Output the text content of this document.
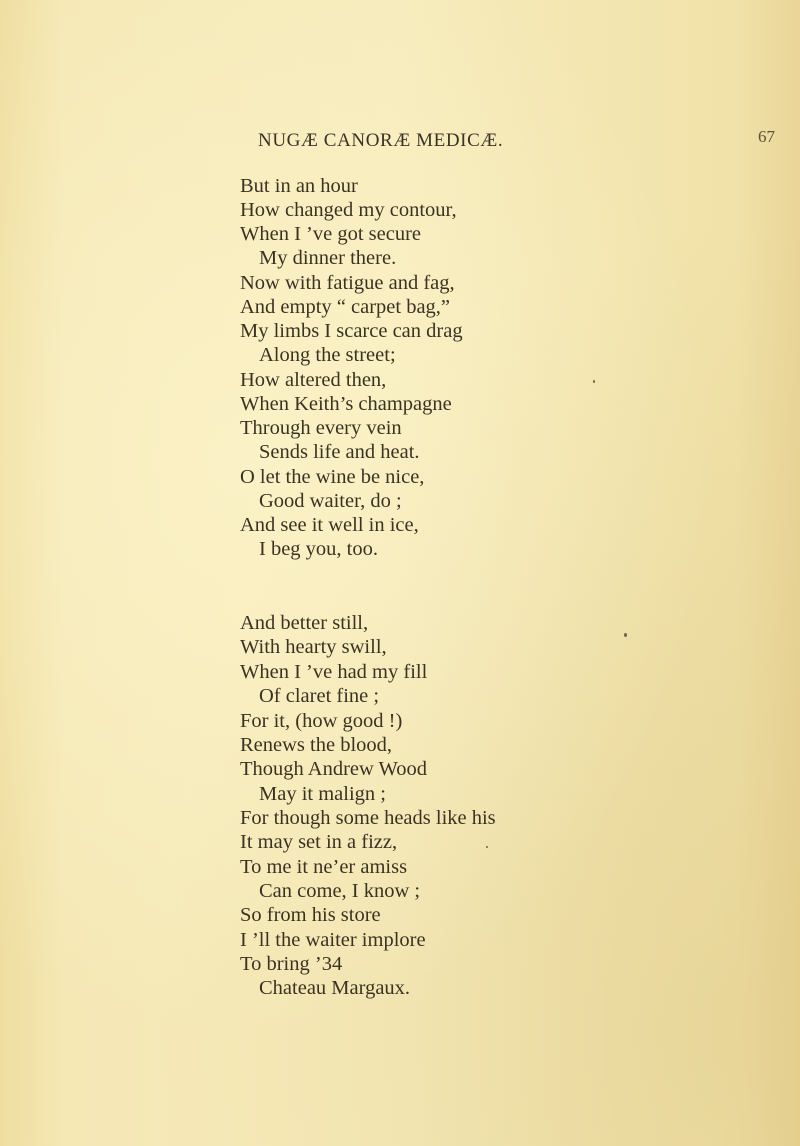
NUGÆ CANORÆ MEDICÆ.	67
But in an hour
How changed my contour,
When I ’ve got secure
My dinner there.
Now with fatigue and fag,
And empty “ carpet bag,”
My limbs I scarce can drag
Along the street;
How altered then,
When Keith’s champagne
Through every vein
Sends life and heat.
O let the wine be nice,
Good waiter, do ;
And see it well in ice,
I beg you, too.
And better still,
With hearty swill,
When I ’ve had my fill
Of claret fine ;
For it, (how good !)
Renews the blood,
Though Andrew Wood
May it malign ;
For though some heads like his
It may set in a fizz,
To me it ne’er amiss
Can come, I know ;
So from his store
I ’ll the waiter implore
To bring ’34
Chateau Margaux.
